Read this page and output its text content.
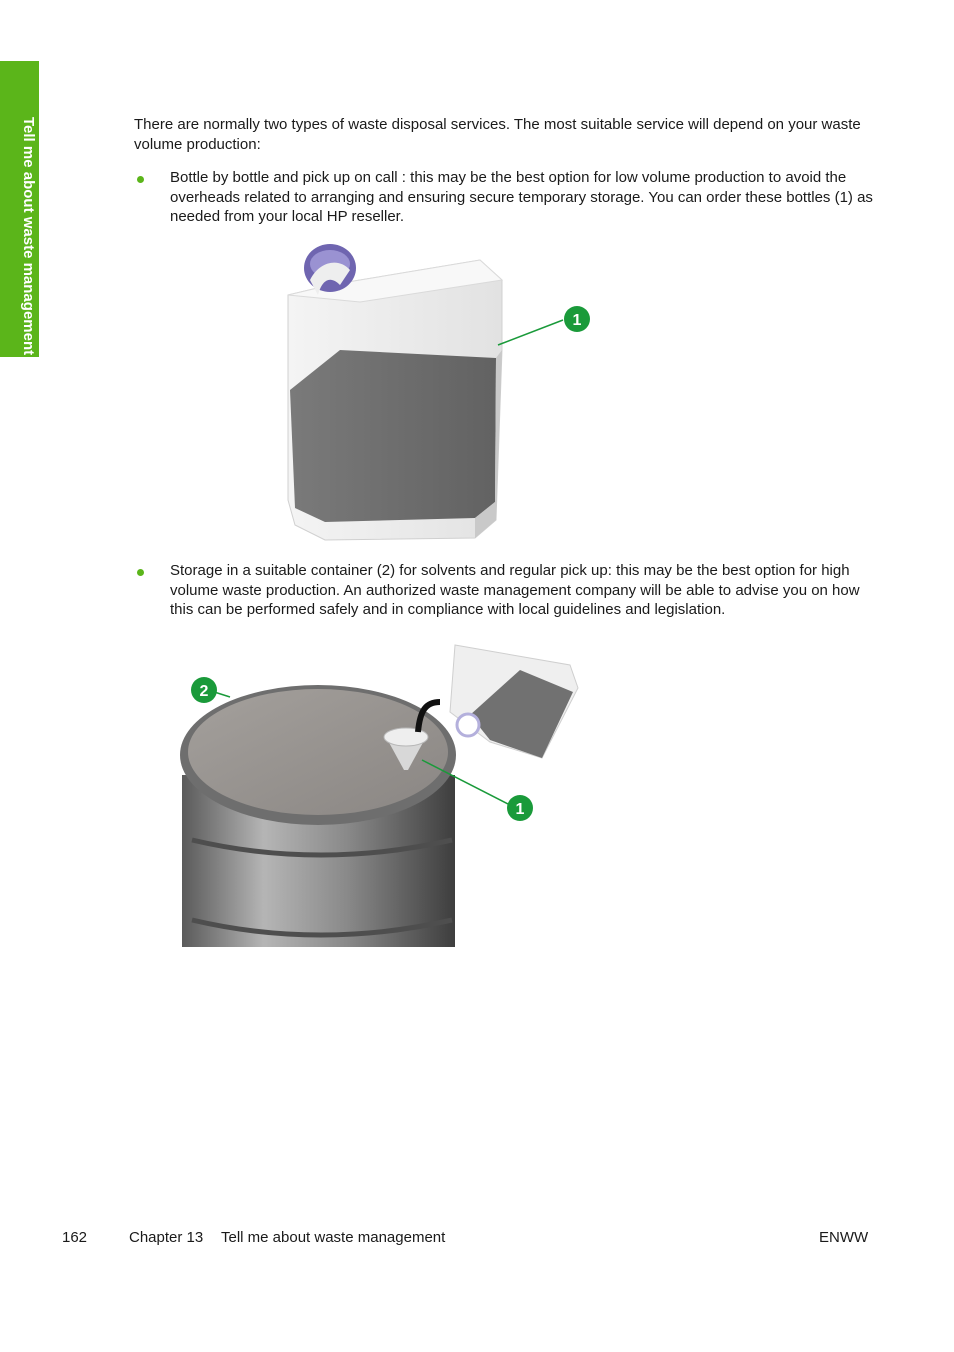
Tell me about waste management	There are normally two types of waste disposal services. The most suitable service will depend on your waste volume production:

Bottle by bottle and pick up on call : this may be the best option for low volume production to avoid the overheads related to arranging and ensuring secure temporary storage. You can order these bottles (1) as needed from your local HP reseller.

1

Storage in a suitable container (2) for solvents and regular pick up: this may be the best option for high volume waste production. An authorized waste management company will be able to advise you on how this can be performed safely and in compliance with local guidelines and legislation.

2
1
162	Chapter 13 Tell me about waste management	ENWW
